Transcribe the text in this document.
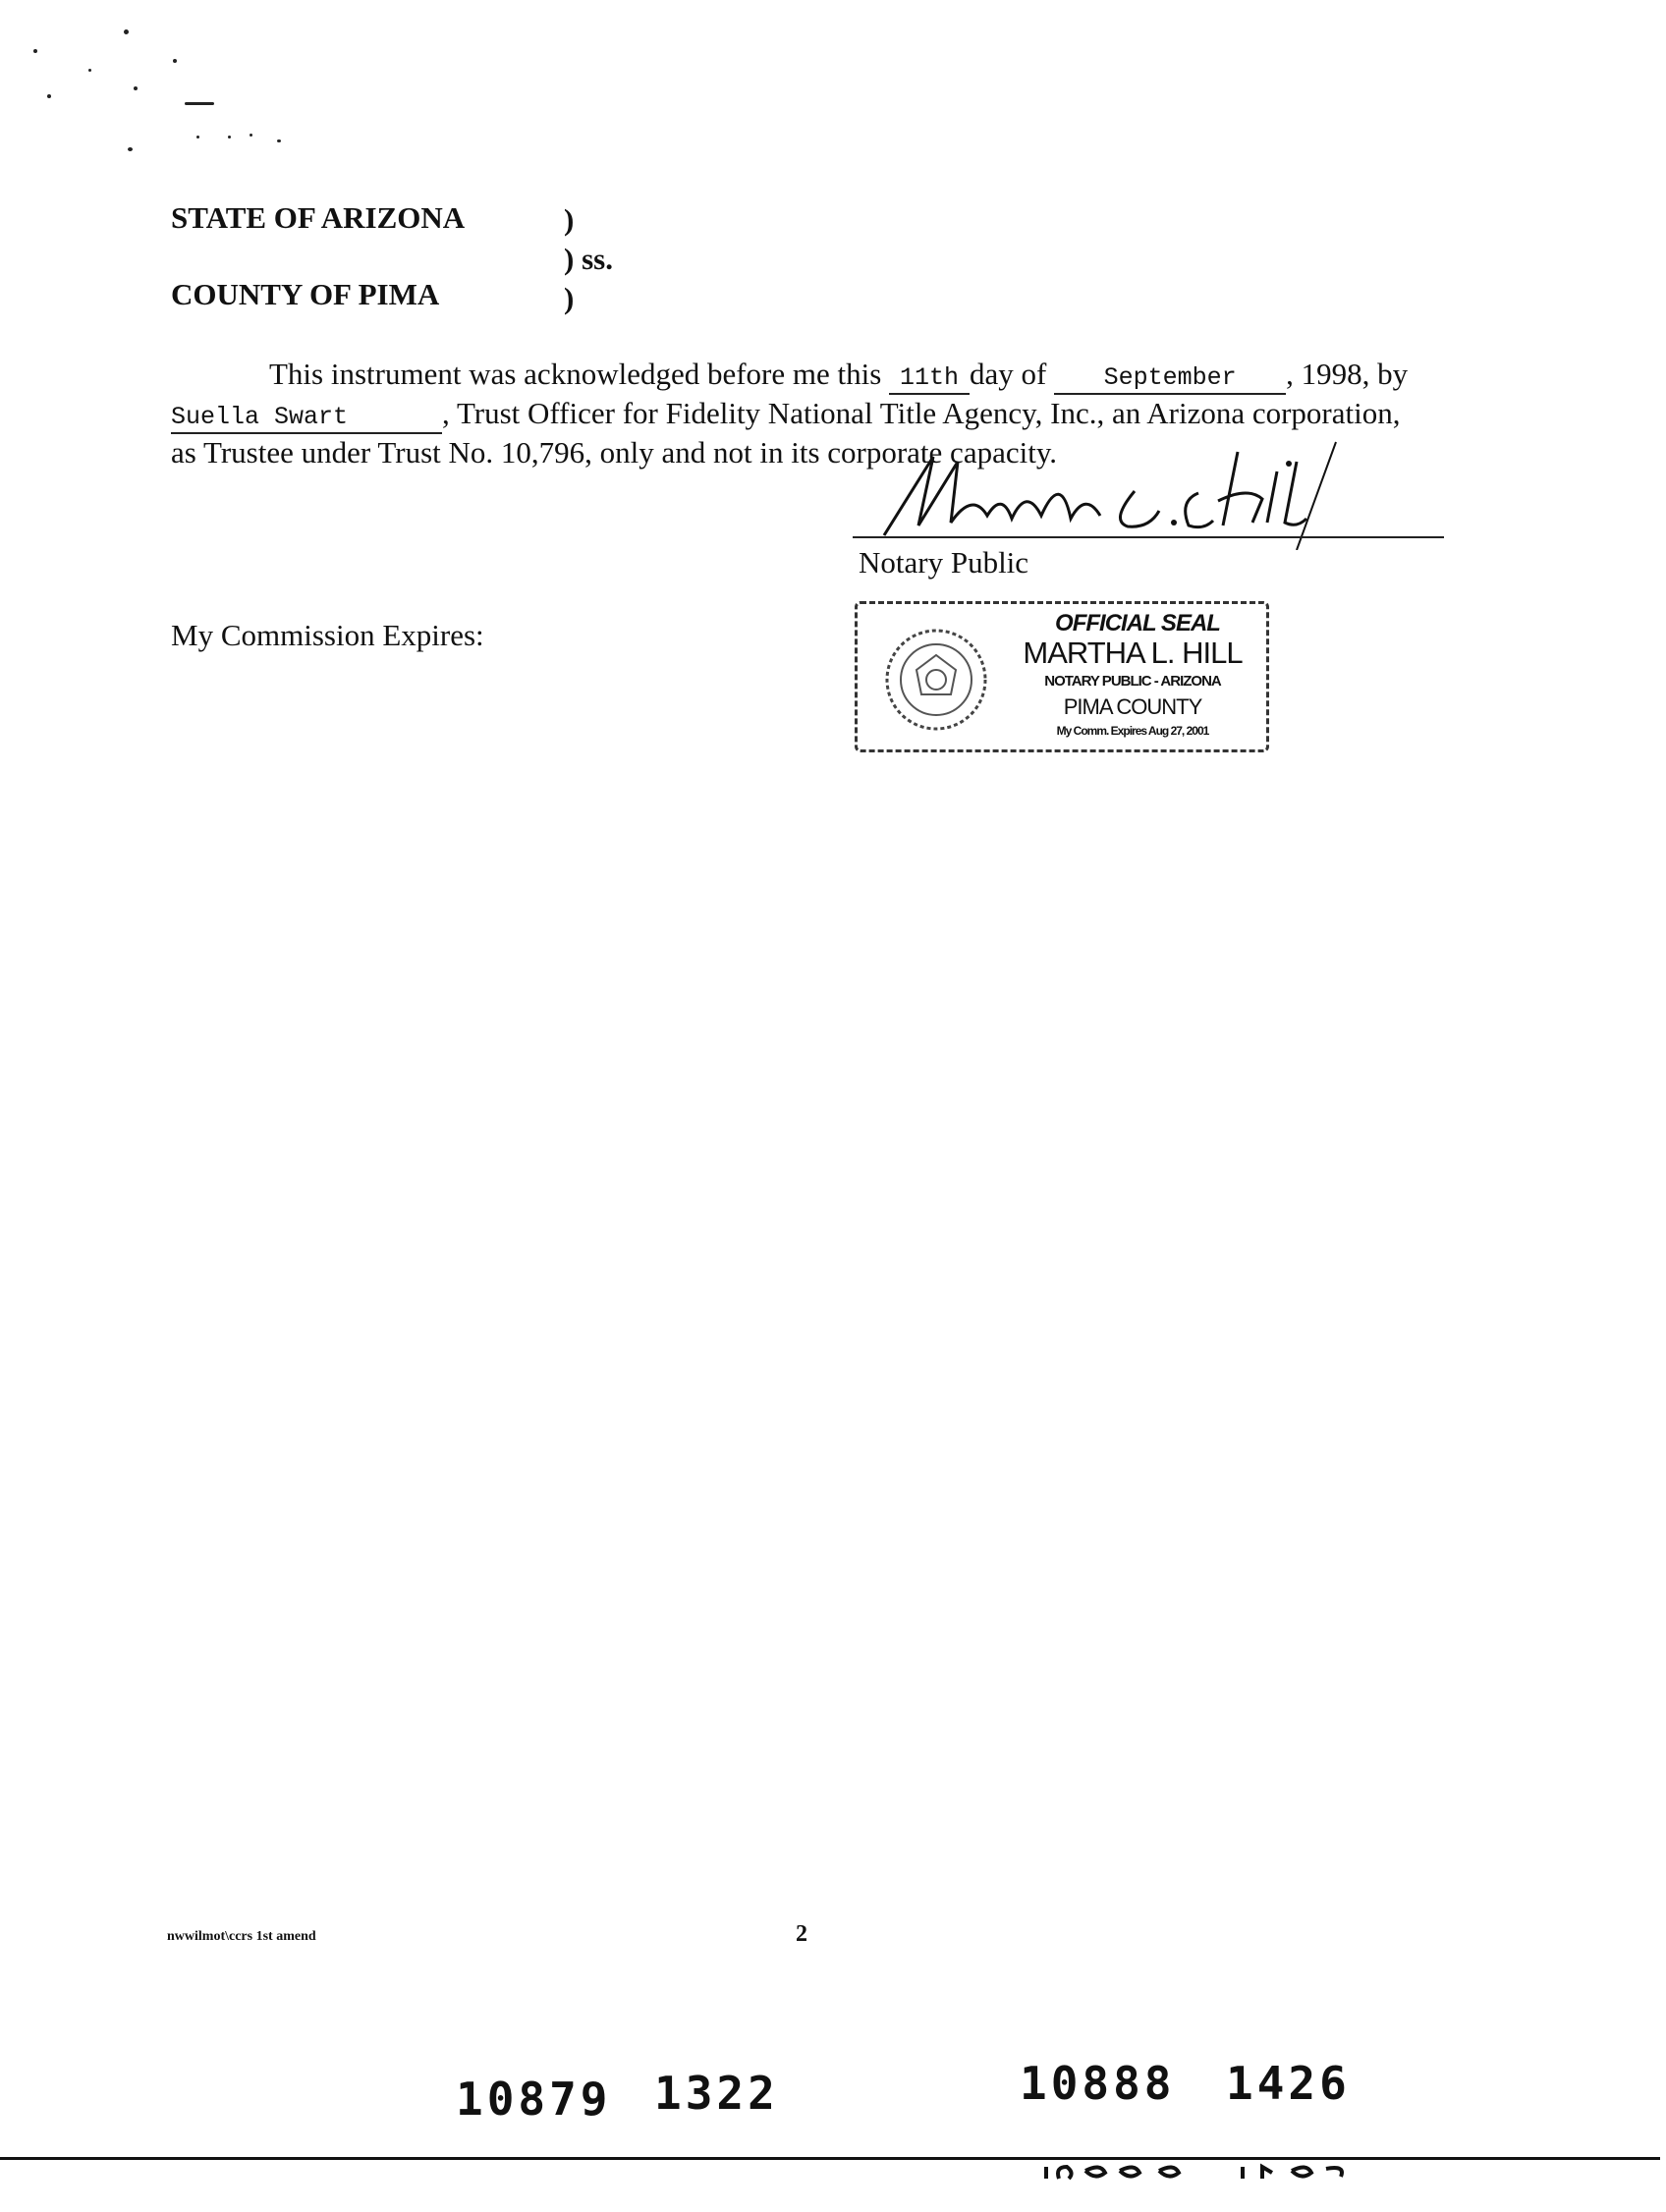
STATE OF ARIZONA	)
) ss.
COUNTY OF PIMA	)
This instrument was acknowledged before me this 11th day of September , 1998, by
Suella Swart	, Trust Officer for Fidelity National Title Agency, Inc., an Arizona corporation,
as Trustee under Trust No. 10,796, only and not in its corporate capacity.
Notary Public
My Commission Expires:	OFFICIAL SEAL
MARTHA L. HILL
NOTARY PUBLIC - ARIZONA
PIMA COUNTY
My Comm. Expires Aug 27, 2001
nwwilmot\ccrs 1st amend	2
10879 1322	10888 1426
